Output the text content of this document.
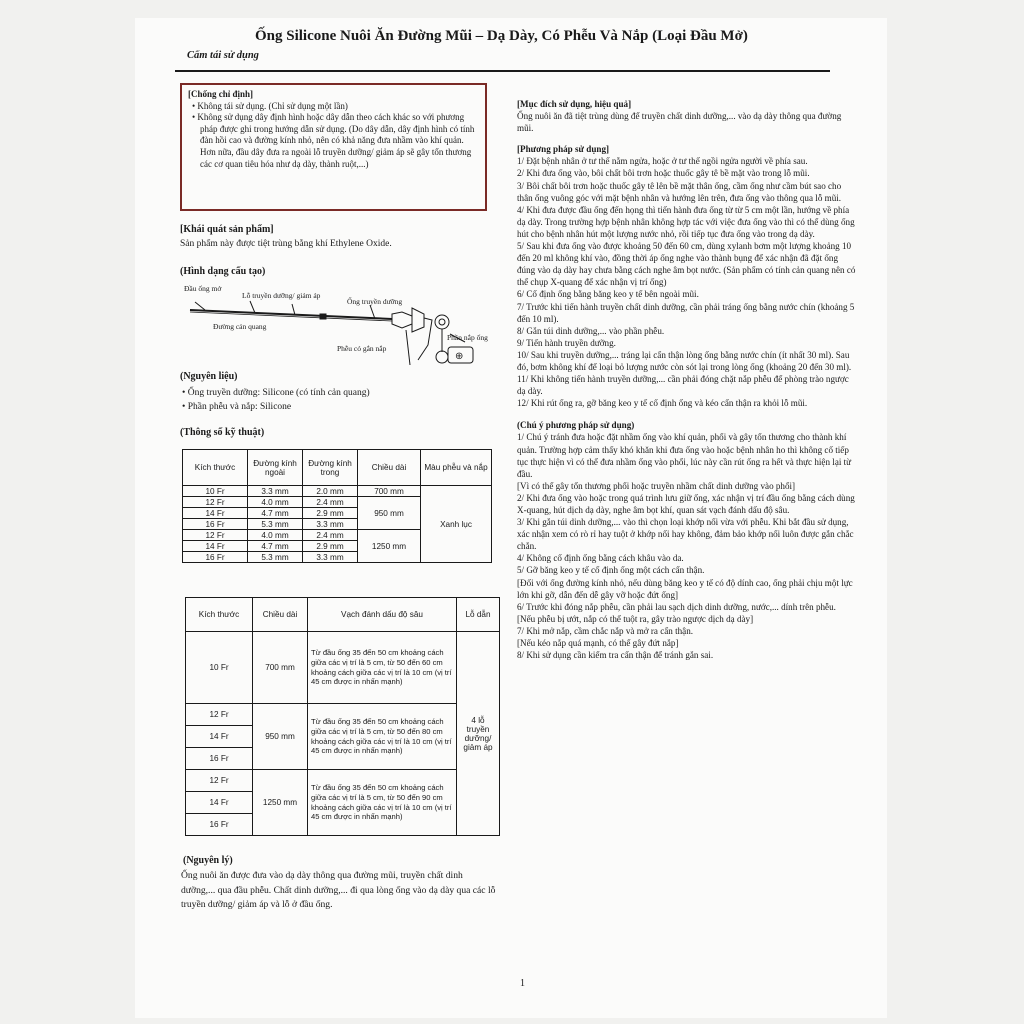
Ống Silicone Nuôi Ăn Đường Mũi – Dạ Dày, Có Phễu Và Nắp (Loại Đầu Mở)
Cấm tái sử dụng
[Chống chỉ định]
• Không tái sử dụng. (Chỉ sử dụng một lần)
• Không sử dụng dây định hình hoặc dây dẫn theo cách khác so với phương pháp được ghi trong hướng dẫn sử dụng. (Do dây dẫn, dây định hình có tính đàn hồi cao và đường kính nhỏ, nên có khả năng đưa nhầm vào khí quản. Hơn nữa, đầu dây đưa ra ngoài lỗ truyền dưỡng/ giảm áp sẽ gây tổn thương các cơ quan tiêu hóa như dạ dày, thành ruột,...)
[Khái quát sản phẩm]
Sản phẩm này được tiệt trùng bằng khí Ethylene Oxide.
(Hình dạng cấu tạo)
Đầu ống mở
Lỗ truyền dưỡng/ giảm áp
Ống truyền dưỡng
Đường cản quang
Phễu có gắn nắp
Phần nắp ống
⊕
(Nguyên liệu)
• Ống truyền dưỡng: Silicone (có tính cản quang)
• Phần phễu và nắp: Silicone
(Thông số kỹ thuật)
Kích thước	Đường kính ngoài	Đường kính trong	Chiều dài	Màu phễu và nắp
10 Fr	3.3 mm	2.0 mm	700 mm	Xanh lục
12 Fr	4.0 mm	2.4 mm	950 mm	
14 Fr	4.7 mm	2.9 mm		
16 Fr	5.3 mm	3.3 mm		
12 Fr	4.0 mm	2.4 mm	1250 mm	
14 Fr	4.7 mm	2.9 mm		
16 Fr	5.3 mm	3.3 mm		
Kích thước	Chiều dài	Vạch đánh dấu độ sâu	Lỗ dẫn
10 Fr	700 mm	Từ đầu ống 35 đến 50 cm khoảng cách giữa các vị trí là 5 cm, từ 50 đến 60 cm khoảng cách giữa các vị trí là 10 cm (vị trí 45 cm được in nhấn mạnh)	4 lỗ truyền dưỡng/ giảm áp
12 Fr	950 mm	Từ đầu ống 35 đến 50 cm khoảng cách giữa các vị trí là 5 cm, từ 50 đến 80 cm khoảng cách giữa các vị trí là 10 cm (vị trí 45 cm được in nhấn mạnh)	
14 Fr			
16 Fr			
12 Fr	1250 mm	Từ đầu ống 35 đến 50 cm khoảng cách giữa các vị trí là 5 cm, từ 50 đến 90 cm khoảng cách giữa các vị trí là 10 cm (vị trí 45 cm được in nhấn mạnh)	
14 Fr			
16 Fr			
(Nguyên lý)
Ống nuôi ăn được đưa vào dạ dày thông qua đường mũi, truyền chất dinh dưỡng,... qua đầu phễu. Chất dinh dưỡng,... đi qua lòng ống vào dạ dày qua các lỗ truyền dưỡng/ giảm áp và lỗ ở đầu ống.
[Mục đích sử dụng, hiệu quả]

Ống nuôi ăn đã tiệt trùng dùng để truyền chất dinh dưỡng,... vào dạ dày thông qua đường mũi.

[Phương pháp sử dụng]

1/ Đặt bệnh nhân ở tư thế nằm ngửa, hoặc ở tư thế ngồi ngửa người về phía sau.

2/ Khi đưa ống vào, bôi chất bôi trơn hoặc thuốc gây tê bề mặt vào trong lỗ mũi.

3/ Bôi chất bôi trơn hoặc thuốc gây tê lên bề mặt thân ống, cầm ống như cầm bút sao cho thân ống vuông góc với mặt bệnh nhân và hướng lên trên, đưa ống vào thông qua lỗ mũi.

4/ Khi đưa được đầu ống đến họng thì tiến hành đưa ống từ từ 5 cm một lần, hướng về phía dạ dày. Trong trường hợp bệnh nhân không hợp tác với việc đưa ống vào thì có thể dùng ống hút cho bệnh nhân hút một lượng nước nhỏ, rồi tiếp tục đưa ống vào trong dạ dày.

5/ Sau khi đưa ống vào được khoảng 50 đến 60 cm, dùng xylanh bơm một lượng khoảng 10 đến 20 ml không khí vào, đồng thời áp ống nghe vào thành bụng để xác nhận đã đặt ống đúng vào dạ dày hay chưa bằng cách nghe âm bọt nước. (Sản phẩm có tính cản quang nên có thể chụp X-quang để xác nhận vị trí ống)

6/ Cố định ống bằng băng keo y tế bên ngoài mũi.

7/ Trước khi tiến hành truyền chất dinh dưỡng, cần phải tráng ống bằng nước chín (khoảng 5 đến 10 ml).

8/ Gắn túi dinh dưỡng,... vào phần phễu.

9/ Tiến hành truyền dưỡng.

10/ Sau khi truyền dưỡng,... tráng lại cẩn thận lòng ống bằng nước chín (ít nhất 30 ml). Sau đó, bơm không khí để loại bỏ lượng nước còn sót lại trong lòng ống (khoảng 20 đến 30 ml).

11/ Khi không tiến hành truyền dưỡng,... cần phải đóng chặt nắp phễu để phòng trào ngược dạ dày.

12/ Khi rút ống ra, gỡ băng keo y tế cố định ống và kéo cẩn thận ra khỏi lỗ mũi.

(Chú ý phương pháp sử dụng)

1/ Chú ý tránh đưa hoặc đặt nhầm ống vào khí quản, phổi và gây tổn thương cho thành khí quản. Trường hợp cảm thấy khó khăn khi đưa ống vào hoặc bệnh nhân ho thì không cố tiếp tục thực hiện vì có thể đưa nhầm ống vào phổi, lúc này cần rút ống ra hết và thực hiện lại từ đầu.

[Vì có thể gây tổn thương phổi hoặc truyền nhầm chất dinh dưỡng vào phổi]

2/ Khi đưa ống vào hoặc trong quá trình lưu giữ ống, xác nhận vị trí đầu ống bằng cách dùng X-quang, hút dịch dạ dày, nghe âm bọt khí, quan sát vạch đánh dấu độ sâu.

3/ Khi gắn túi dinh dưỡng,... vào thì chọn loại khớp nối vừa với phễu. Khi bắt đầu sử dụng, xác nhận xem có rò rỉ hay tuột ở khớp nối hay không, đảm bảo khớp nối luôn được gắn chắc chắn.

4/ Không cố định ống bằng cách khâu vào da.

5/ Gỡ băng keo y tế cố định ống một cách cẩn thận.

[Đối với ống đường kính nhỏ, nếu dùng băng keo y tế có độ dính cao, ống phải chịu một lực lớn khi gỡ, dẫn đến dễ gây vỡ hoặc đứt ống]

6/ Trước khi đóng nắp phễu, cần phải lau sạch dịch dinh dưỡng, nước,... dính trên phễu.

[Nếu phễu bị ướt, nắp có thể tuột ra, gây trào ngược dịch dạ dày]

7/ Khi mở nắp, cầm chắc nắp và mở ra cẩn thận.

[Nếu kéo nắp quá mạnh, có thể gây đứt nắp]

8/ Khi sử dụng cần kiểm tra cẩn thận để tránh gắn sai.

1
